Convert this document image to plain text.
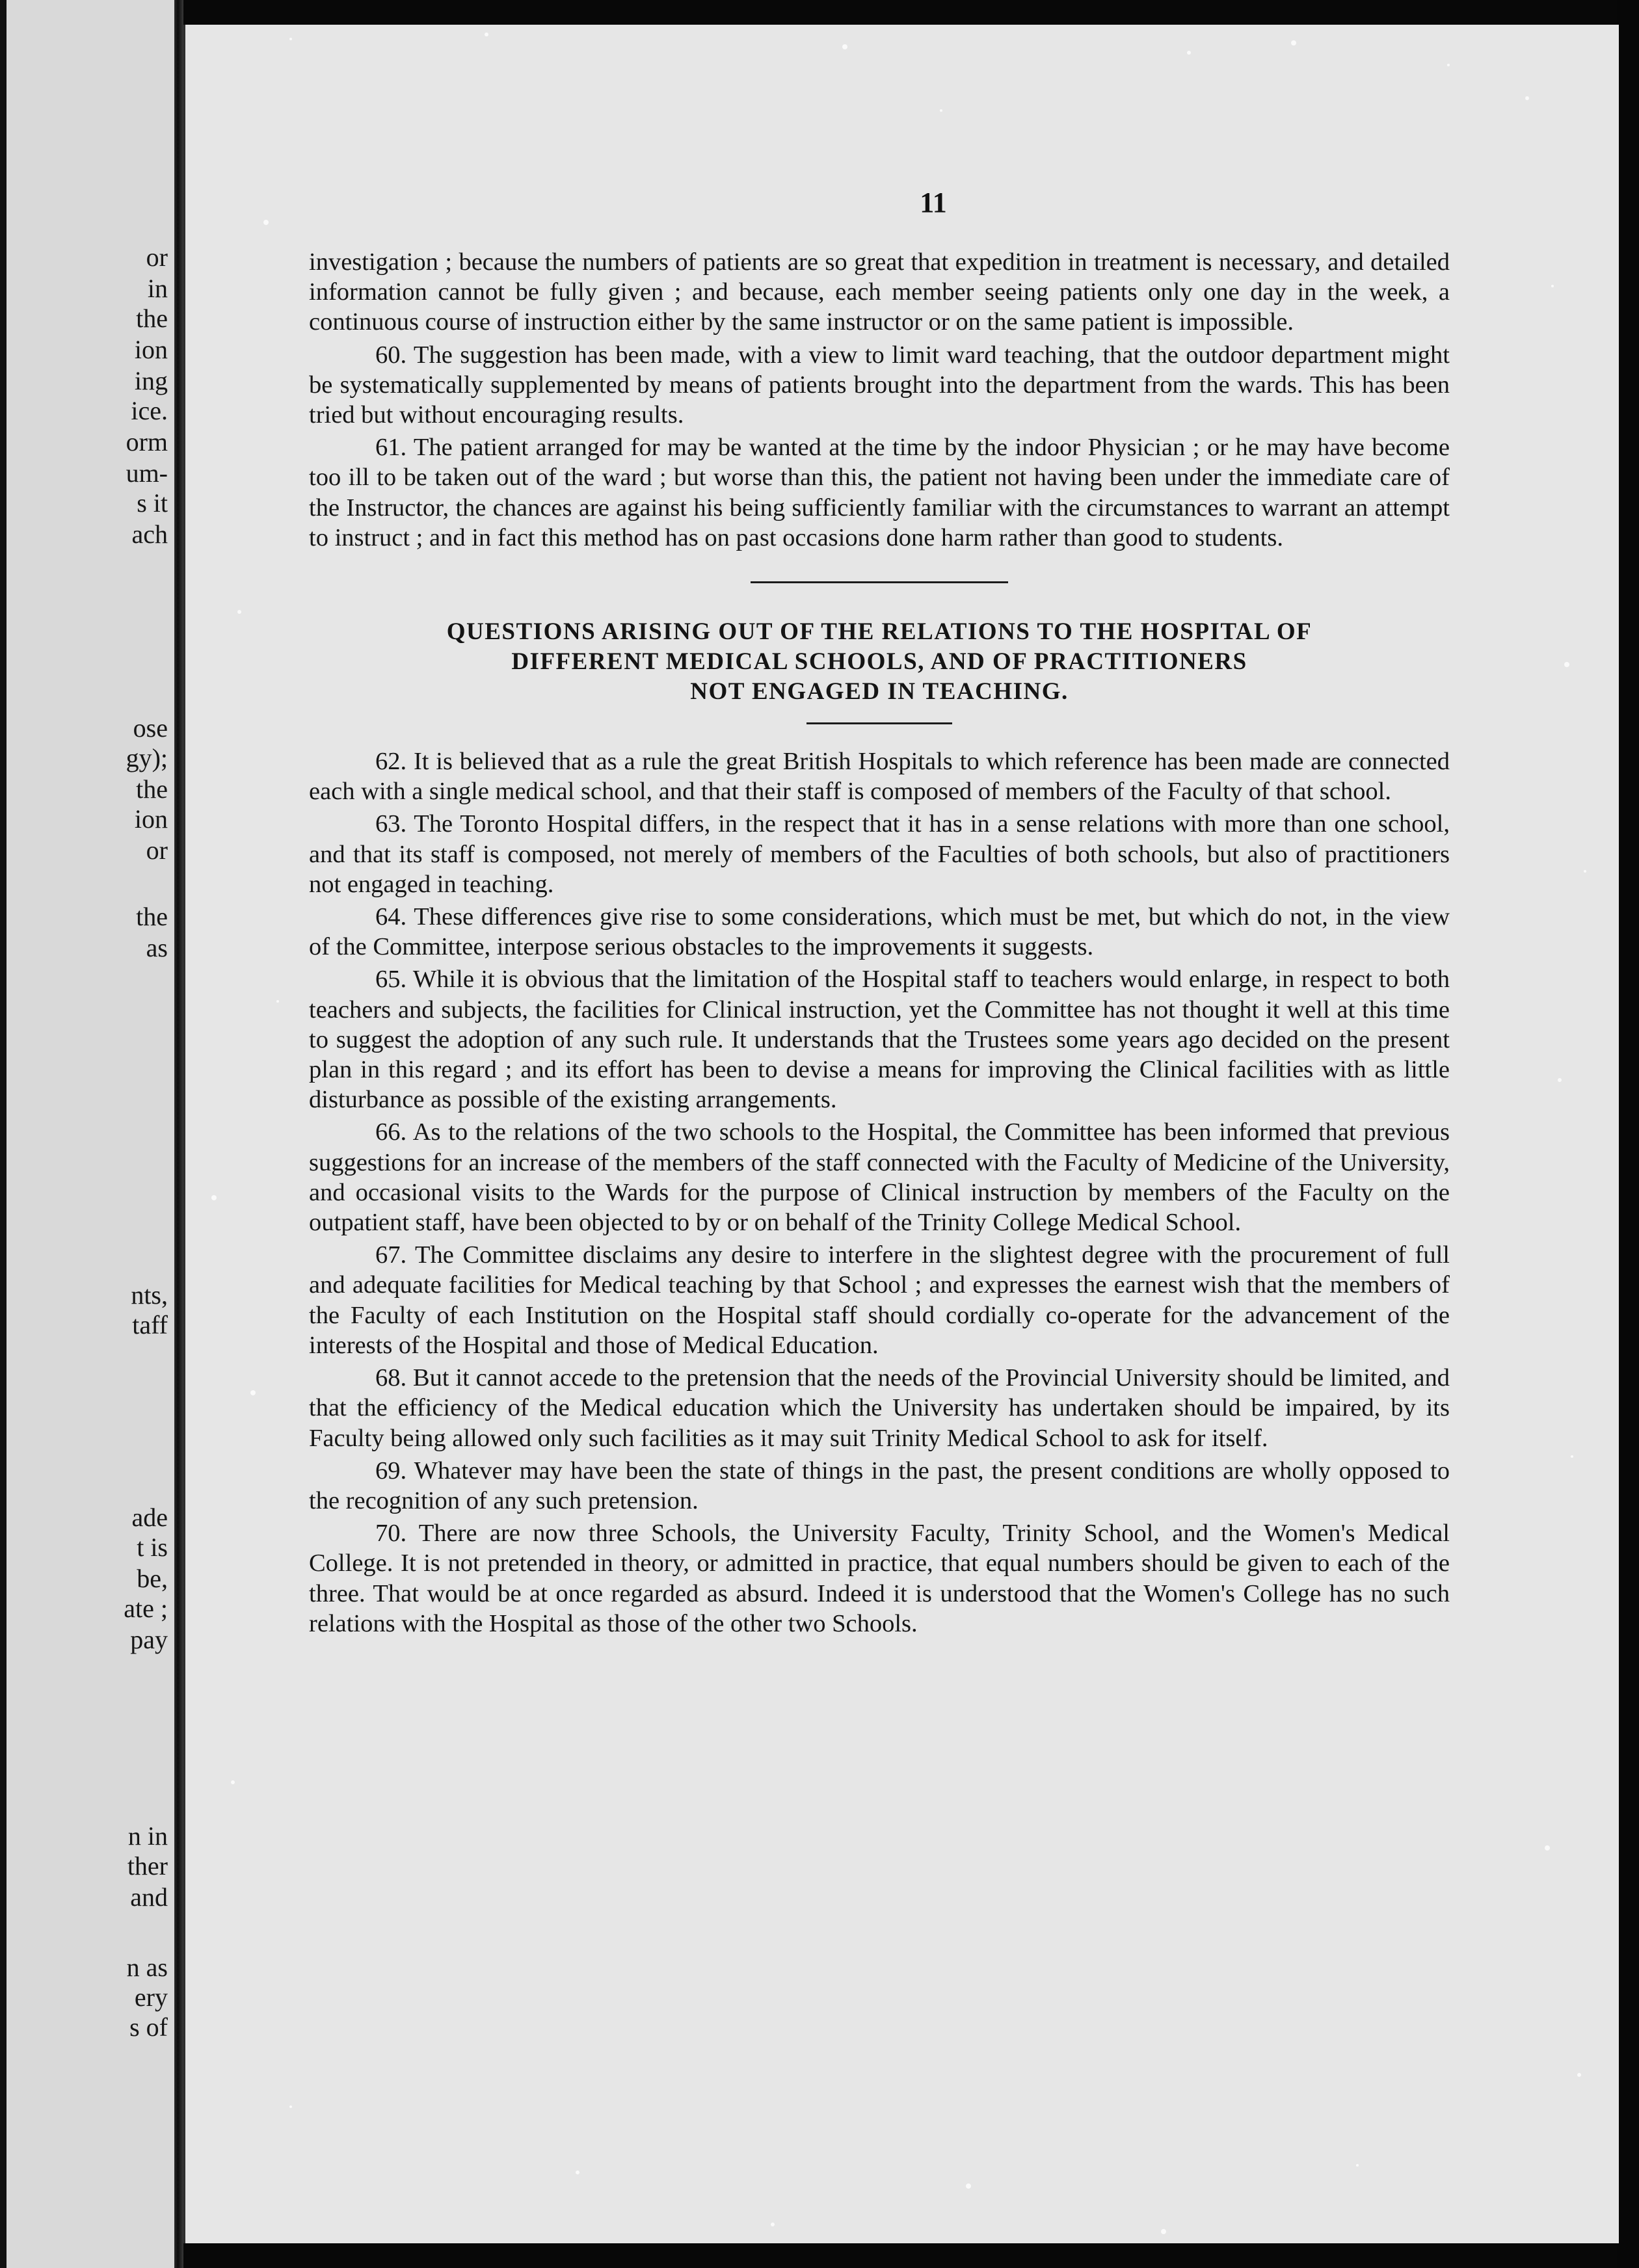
or
in
the
ion
ing
ice.
orm
um-
s it
ach
ose
gy);
the
ion
or
the
as
nts,
taff
ade
t is
be,
ate ;
pay
n in
ther
and
n as
ery
s of
11

investigation ; because the numbers of patients are so great that expedition in treatment is necessary, and detailed information cannot be fully given ; and because, each member seeing patients only one day in the week, a continuous course of instruction either by the same instructor or on the same patient is impossible.

60. The suggestion has been made, with a view to limit ward teaching, that the outdoor department might be systematically supplemented by means of patients brought into the department from the wards. This has been tried but without encouraging results.

61. The patient arranged for may be wanted at the time by the indoor Physician ; or he may have become too ill to be taken out of the ward ; but worse than this, the patient not having been under the immediate care of the Instructor, the chances are against his being sufficiently familiar with the circumstances to warrant an attempt to instruct ; and in fact this method has on past occasions done harm rather than good to students.

QUESTIONS ARISING OUT OF THE RELATIONS TO THE HOSPITAL OF
DIFFERENT MEDICAL SCHOOLS, AND OF PRACTITIONERS
NOT ENGAGED IN TEACHING.

62. It is believed that as a rule the great British Hospitals to which reference has been made are connected each with a single medical school, and that their staff is composed of members of the Faculty of that school.

63. The Toronto Hospital differs, in the respect that it has in a sense relations with more than one school, and that its staff is composed, not merely of members of the Faculties of both schools, but also of practitioners not engaged in teaching.

64. These differences give rise to some considerations, which must be met, but which do not, in the view of the Committee, interpose serious obstacles to the improvements it suggests.

65. While it is obvious that the limitation of the Hospital staff to teachers would enlarge, in respect to both teachers and subjects, the facilities for Clinical instruction, yet the Committee has not thought it well at this time to suggest the adoption of any such rule. It understands that the Trustees some years ago decided on the present plan in this regard ; and its effort has been to devise a means for improving the Clinical facilities with as little disturbance as possible of the existing arrangements.

66. As to the relations of the two schools to the Hospital, the Committee has been informed that previous suggestions for an increase of the members of the staff connected with the Faculty of Medicine of the University, and occasional visits to the Wards for the purpose of Clinical instruction by members of the Faculty on the outpatient staff, have been objected to by or on behalf of the Trinity College Medical School.

67. The Committee disclaims any desire to interfere in the slightest degree with the procurement of full and adequate facilities for Medical teaching by that School ; and expresses the earnest wish that the members of the Faculty of each Institution on the Hospital staff should cordially co-operate for the advancement of the interests of the Hospital and those of Medical Education.

68. But it cannot accede to the pretension that the needs of the Provincial University should be limited, and that the efficiency of the Medical education which the University has undertaken should be impaired, by its Faculty being allowed only such facilities as it may suit Trinity Medical School to ask for itself.

69. Whatever may have been the state of things in the past, the present conditions are wholly opposed to the recognition of any such pretension.

70. There are now three Schools, the University Faculty, Trinity School, and the Women's Medical College. It is not pretended in theory, or admitted in practice, that equal numbers should be given to each of the three. That would be at once regarded as absurd. Indeed it is understood that the Women's College has no such relations with the Hospital as those of the other two Schools.
